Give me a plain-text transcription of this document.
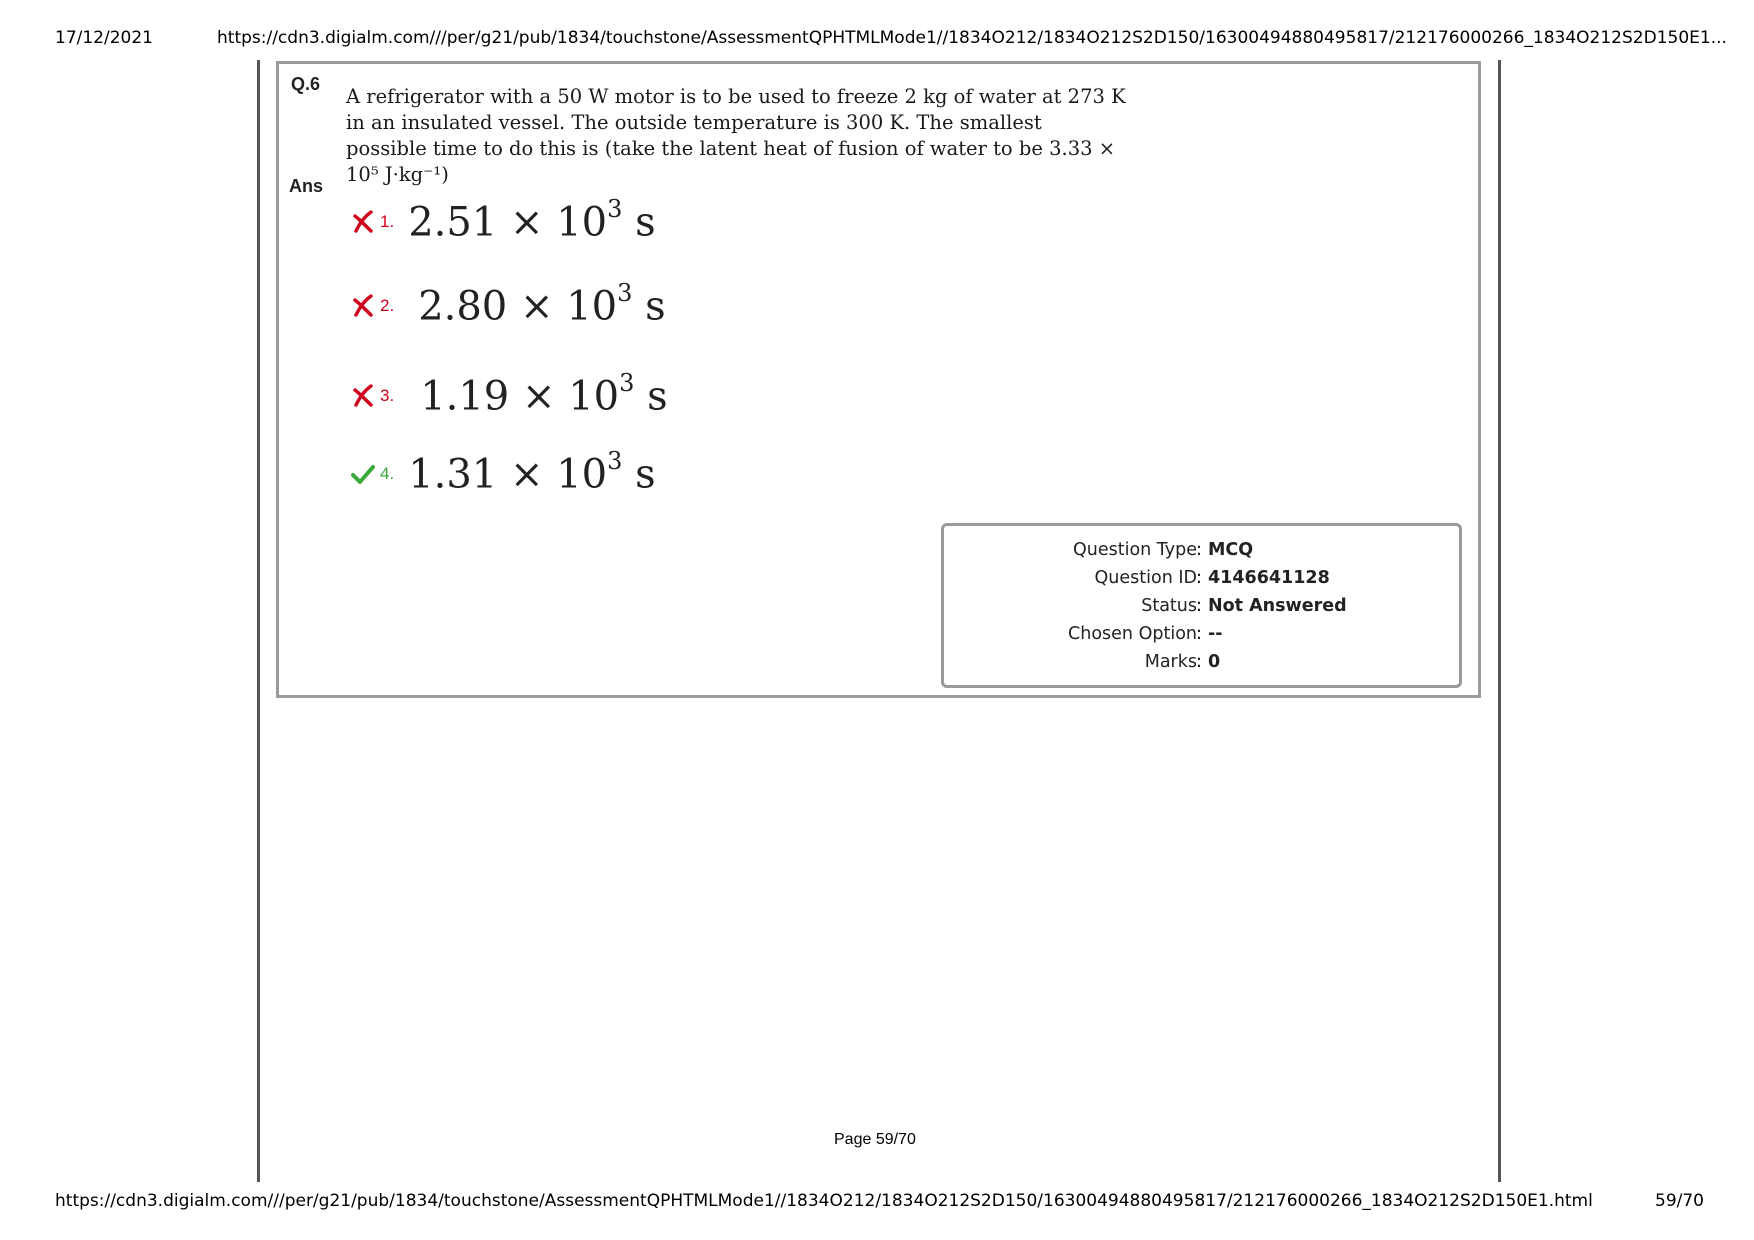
17/12/2021	https://cdn3.digialm.com///per/g21/pub/1834/touchstone/AssessmentQPHTMLMode1//1834O212/1834O212S2D150/16300494880495817/212176000266_1834O212S2D150E1...
Q.6
A refrigerator with a 50 W motor is to be used to freeze 2 kg of water at 273 K in an insulated vessel. The outside temperature is 300 K. The smallest possible time to do this is (take the latent heat of fusion of water to be 3.33 × 10⁵ J·kg⁻¹)
Ans
1. $2.51 \times 10^3$ s
2. $2.80 \times 10^3$ s
3. $1.19 \times 10^3$ s
4. $1.31 \times 10^3$ s
Question Type : MCQ
Question ID : 4146641128
Status : Not Answered
Chosen Option : --
Marks : 0
Page 59/70
https://cdn3.digialm.com///per/g21/pub/1834/touchstone/AssessmentQPHTMLMode1//1834O212/1834O212S2D150/16300494880495817/212176000266_1834O212S2D150E1.html	59/70
